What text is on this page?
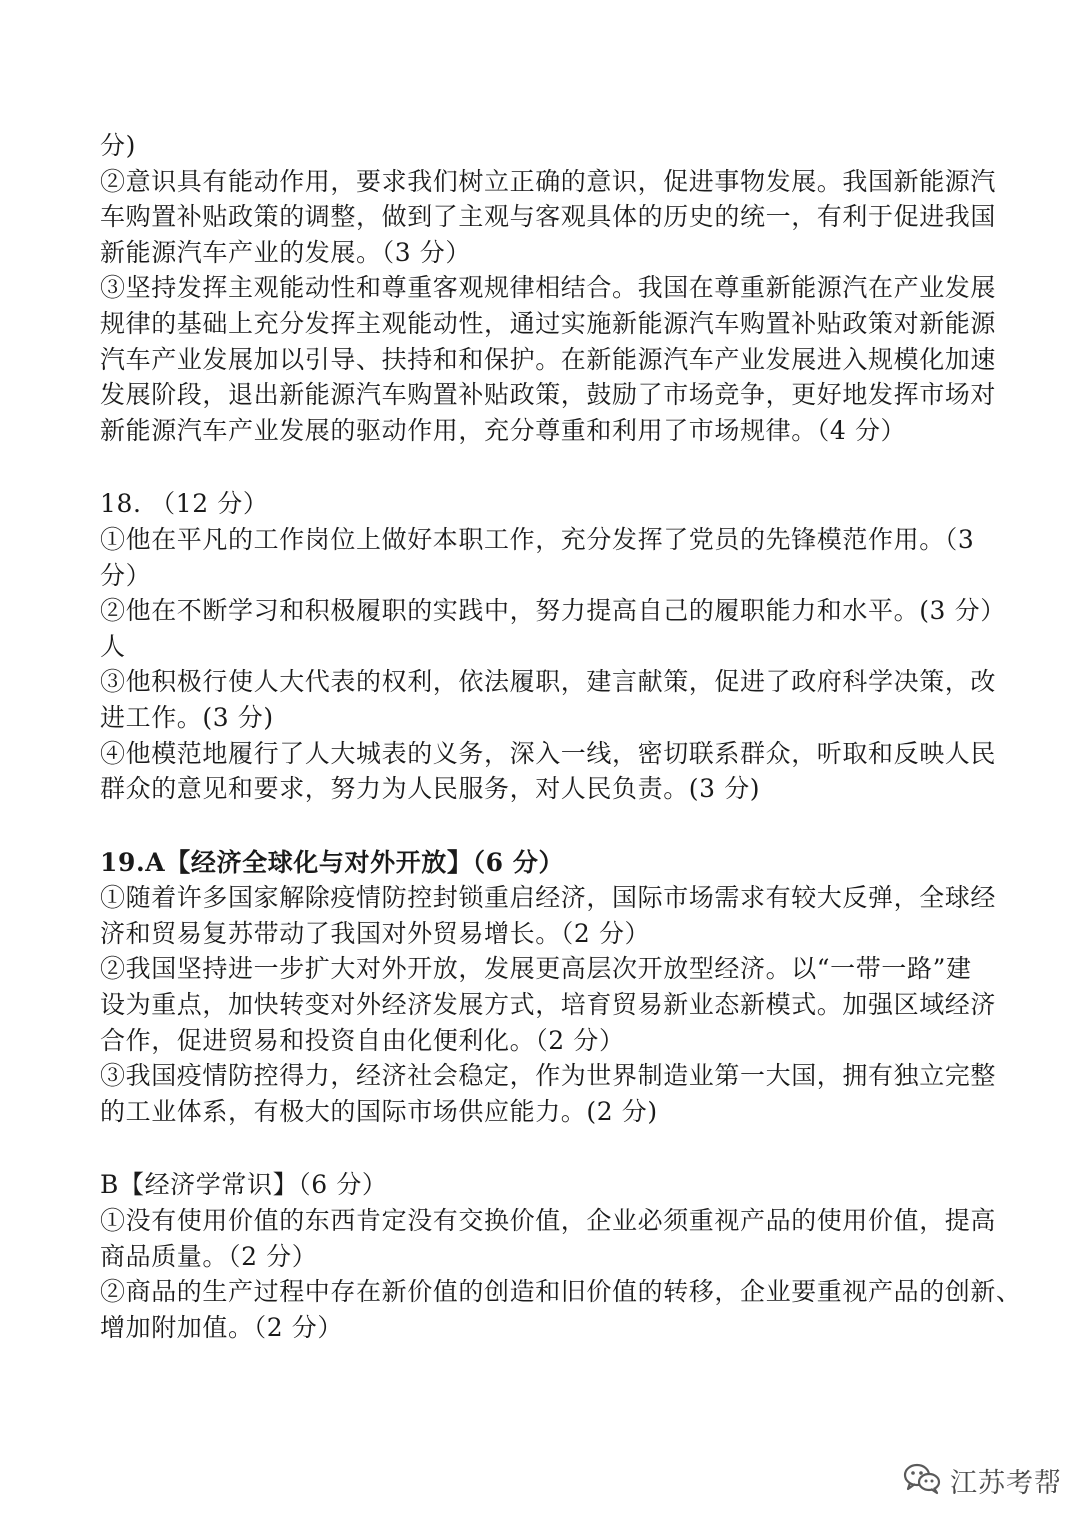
分)
②意识具有能动作用，要求我们树立正确的意识，促进事物发展。我国新能源汽
车购置补贴政策的调整，做到了主观与客观具体的历史的统一，有利于促进我国
新能源汽车产业的发展。（3 分）
③坚持发挥主观能动性和尊重客观规律相结合。我国在尊重新能源汽在产业发展
规律的基础上充分发挥主观能动性，通过实施新能源汽车购置补贴政策对新能源
汽车产业发展加以引导、扶持和和保护。在新能源汽车产业发展进入规模化加速
发展阶段，退出新能源汽车购置补贴政策，鼓励了市场竞争，更好地发挥市场对
新能源汽车产业发展的驱动作用，充分尊重和利用了市场规律。（4 分）
18. （12 分）
①他在平凡的工作岗位上做好本职工作，充分发挥了党员的先锋模范作用。（3
分）
②他在不断学习和积极履职的实践中，努力提高自己的履职能力和水平。(3 分）
人
③他积极行使人大代表的权利，依法履职，建言献策，促进了政府科学决策，改
进工作。(3 分)
④他模范地履行了人大城表的义务，深入一线，密切联系群众，听取和反映人民
群众的意见和要求，努力为人民服务，对人民负责。(3 分)
19.A【经济全球化与对外开放】（6 分）
①随着许多国家解除疫情防控封锁重启经济，国际市场需求有较大反弹，全球经
济和贸易复苏带动了我国对外贸易增长。（2 分）
②我国坚持进一步扩大对外开放，发展更高层次开放型经济。以“一带一路”建
设为重点，加快转变对外经济发展方式，培育贸易新业态新模式。加强区域经济
合作，促进贸易和投资自由化便利化。（2 分）
③我国疫情防控得力，经济社会稳定，作为世界制造业第一大国，拥有独立完整
的工业体系，有极大的国际市场供应能力。(2 分)
B【经济学常识】（6 分）
①没有使用价值的东西肯定没有交换价值，企业必须重视产品的使用价值，提高
商品质量。（2 分）
②商品的生产过程中存在新价值的创造和旧价值的转移，企业要重视产品的创新、
增加附加值。（2 分）
江苏考帮
